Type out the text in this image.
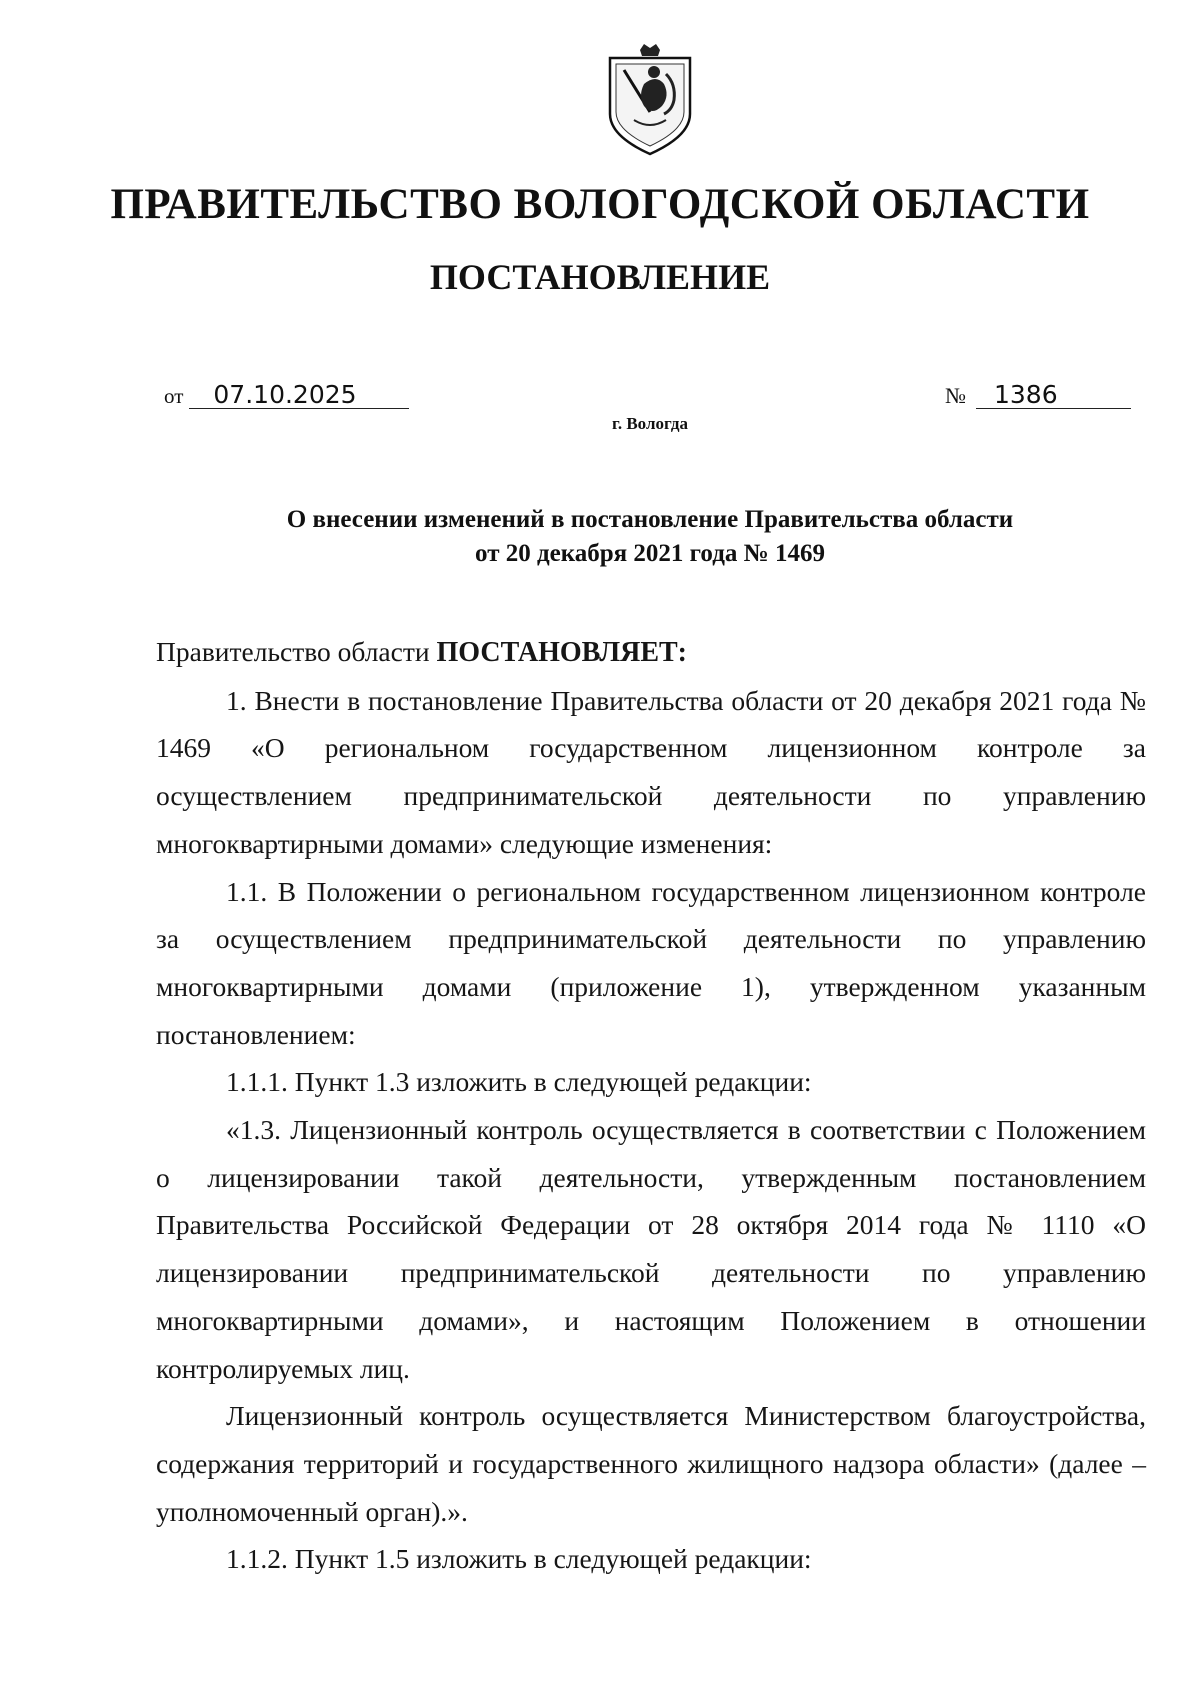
ПРАВИТЕЛЬСТВО ВОЛОГОДСКОЙ ОБЛАСТИ
ПОСТАНОВЛЕНИЕ
от 07.10.2025	№ 1386
г. Вологда
О внесении изменений в постановление Правительства области
от 20 декабря 2021 года № 1469

Правительство области ПОСТАНОВЛЯЕТ:

1. Внести в постановление Правительства области от 20 декабря 2021 года № 1469 «О региональном государственном лицензионном контроле за осуществлением предпринимательской деятельности по управлению многоквартирными домами» следующие изменения:

1.1. В Положении о региональном государственном лицензионном контроле за осуществлением предпринимательской деятельности по управлению многоквартирными домами (приложение 1), утвержденном указанным постановлением:

1.1.1. Пункт 1.3 изложить в следующей редакции:

«1.3. Лицензионный контроль осуществляется в соответствии с Положением о лицензировании такой деятельности, утвержденным постановлением Правительства Российской Федерации от 28 октября 2014 года № 1110 «О лицензировании предпринимательской деятельности по управлению многоквартирными домами», и настоящим Положением в отношении контролируемых лиц.

Лицензионный контроль осуществляется Министерством благоустройства, содержания территорий и государственного жилищного надзора области» (далее – уполномоченный орган).».

1.1.2. Пункт 1.5 изложить в следующей редакции:
